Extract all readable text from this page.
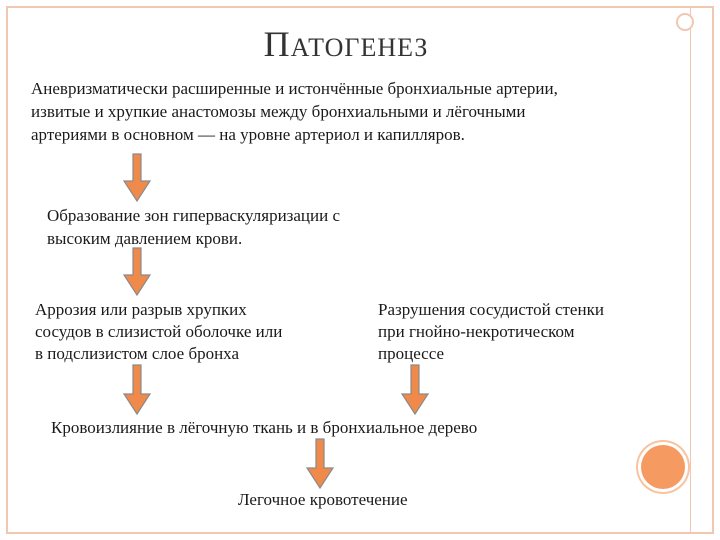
ПАТОГЕНЕЗ
Аневризматически расширенные и истончённые бронхиальные артерии,
извитые и хрупкие анастомозы между бронхиальными и лёгочными
артериями в основном — на уровне артериол и капилляров.
Образование зон гиперваскуляризации с
высоким давлением крови.
Аррозия или разрыв хрупких
сосудов в слизистой оболочке или
в подслизистом слое бронха
Разрушения сосудистой стенки
при гнойно-некротическом
процессе
Кровоизлияние в лёгочную ткань и в бронхиальное дерево
Легочное кровотечение
